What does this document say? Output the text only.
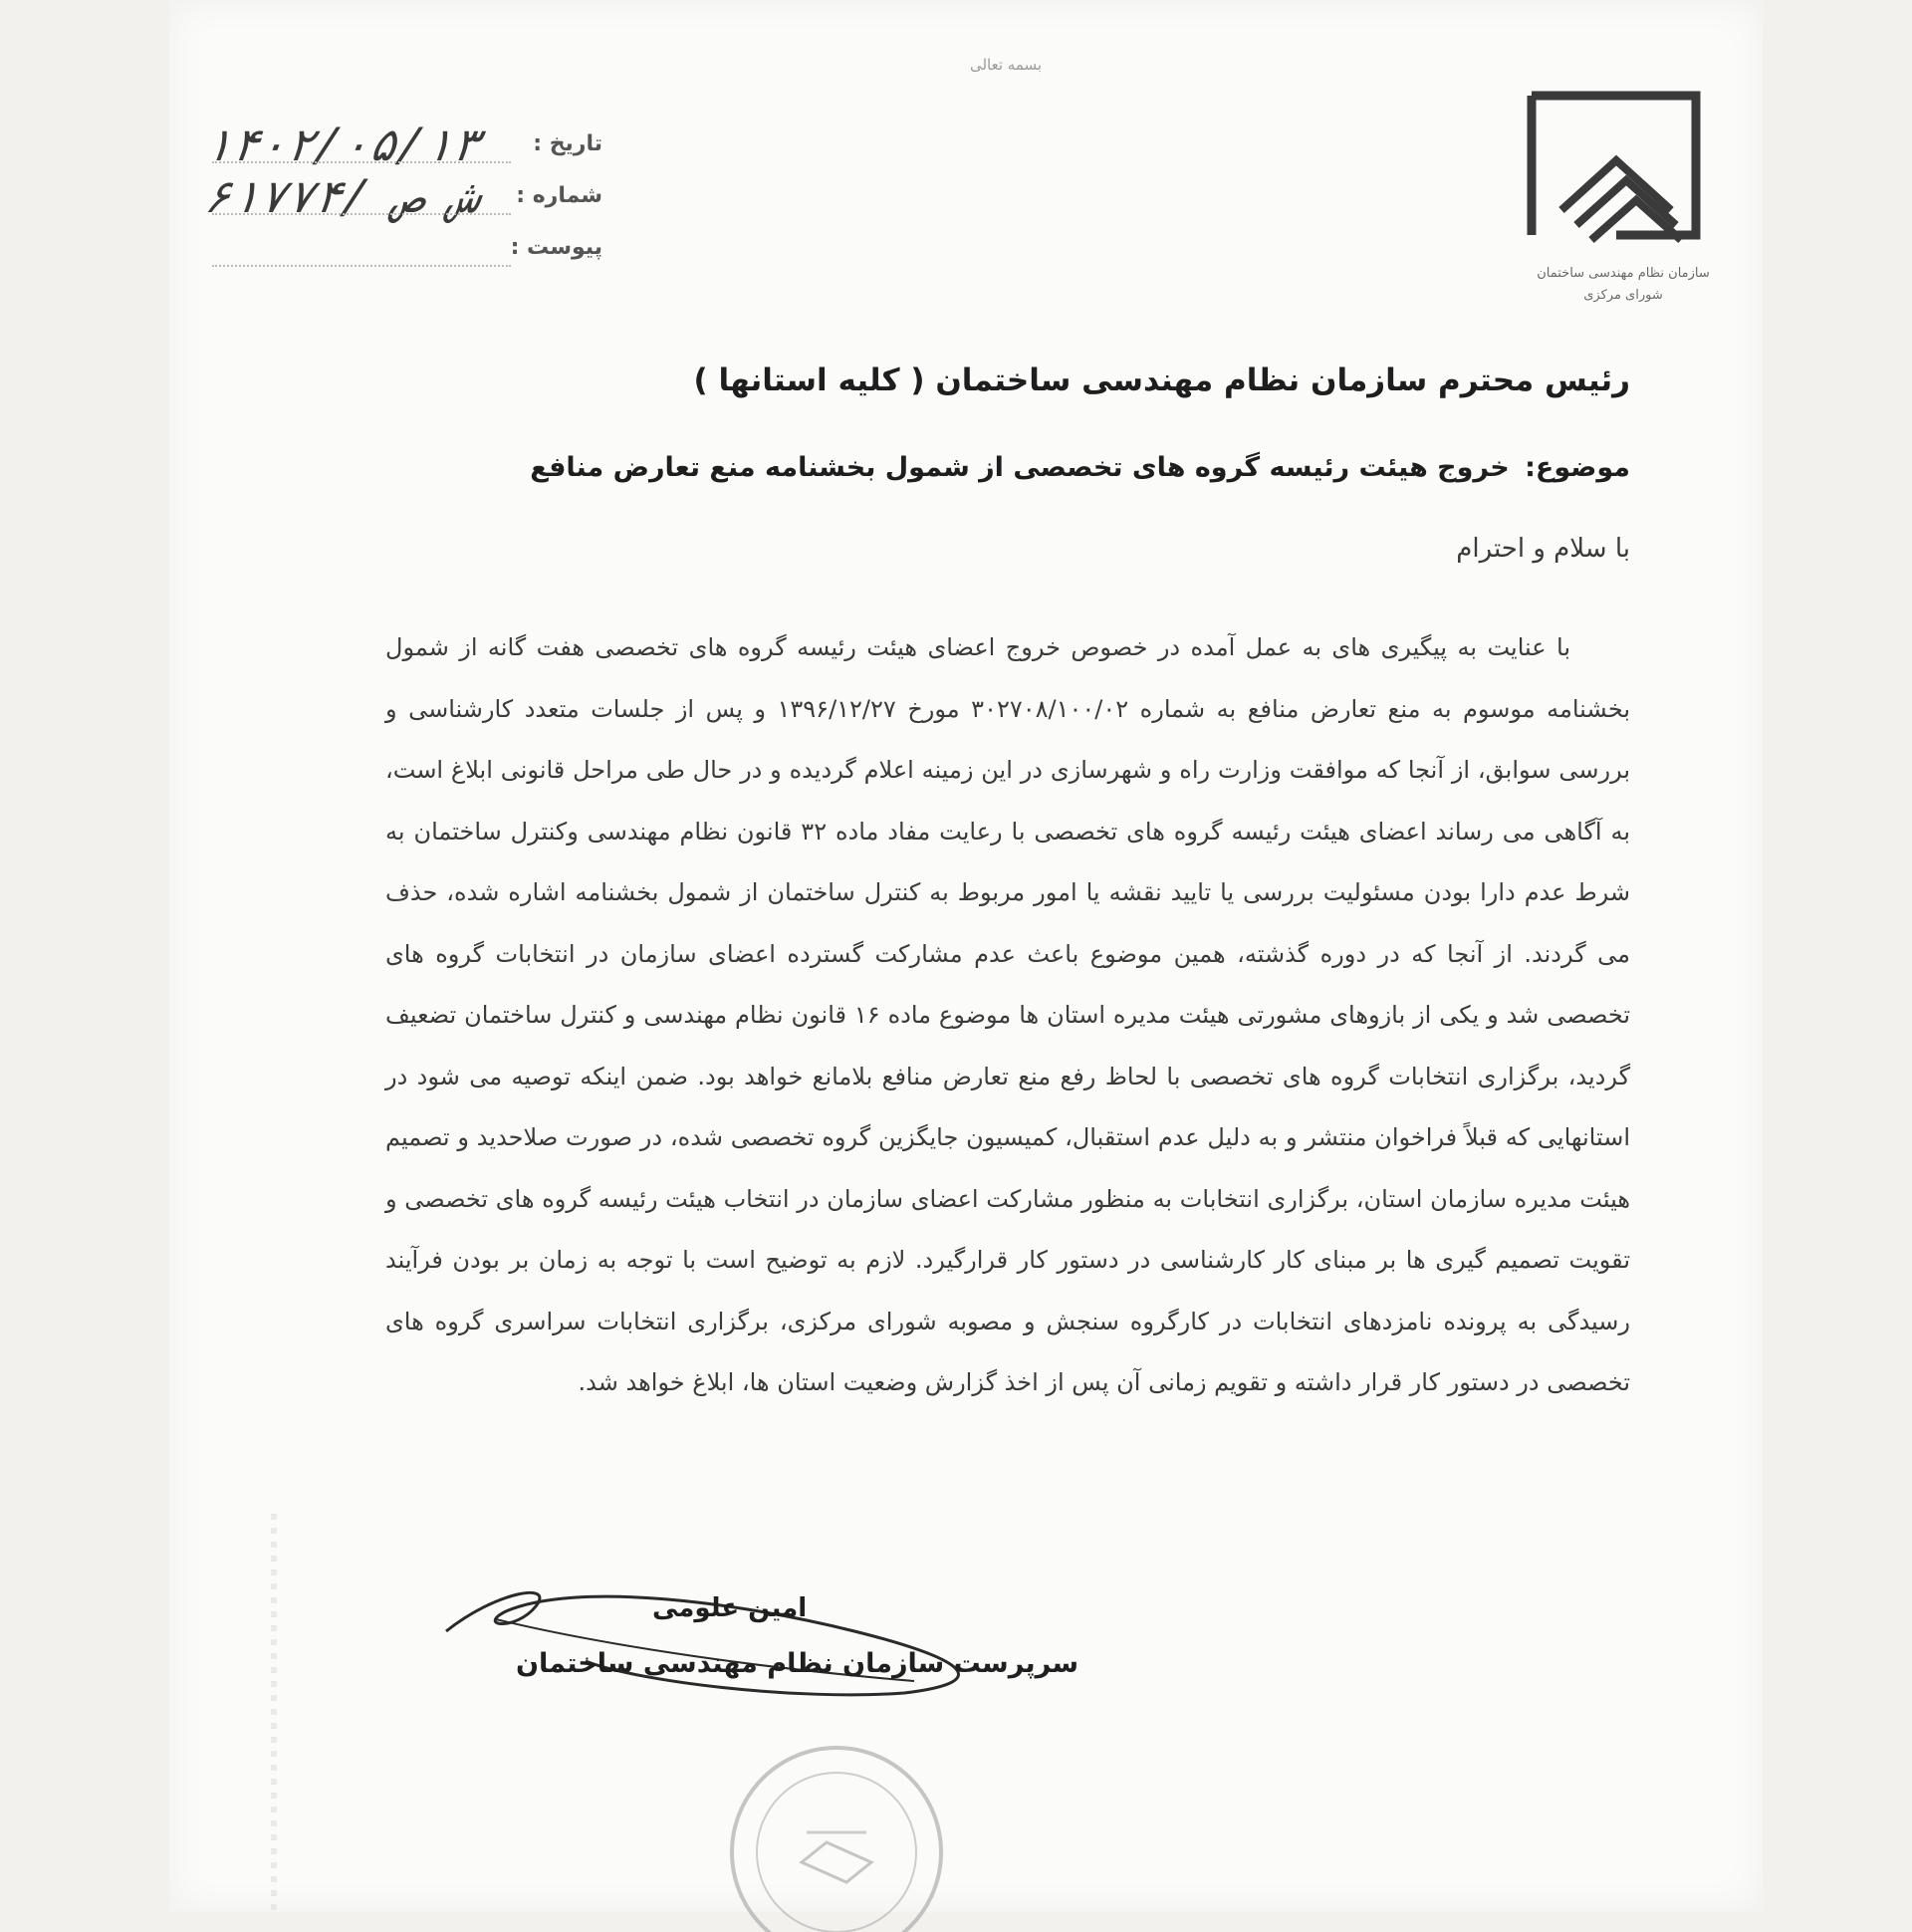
بسمه تعالی
تاریخ :
۱۴۰۲/۰۵/۱۳
شماره :
۶۱۷۷۴/ ش ص
پیوست :
سازمان نظام مهندسی ساختمان
شورای مرکزی
رئیس محترم سازمان نظام مهندسی ساختمان ( کلیه استانها )
موضوع: خروج هیئت رئیسه گروه های تخصصی از شمول بخشنامه منع تعارض منافع
با سلام و احترام
با عنایت به پیگیری های به عمل آمده در خصوص خروج اعضای هیئت رئیسه گروه های تخصصی هفت گانه از شمول بخشنامه موسوم به منع تعارض منافع به شماره ۳۰۲۷۰۸/۱۰۰/۰۲ مورخ ۱۳۹۶/۱۲/۲۷ و پس از جلسات متعدد کارشناسی و بررسی سوابق، از آنجا که موافقت وزارت راه و شهرسازی در این زمینه اعلام گردیده و در حال طی مراحل قانونی ابلاغ است، به آگاهی می رساند اعضای هیئت رئیسه گروه های تخصصی با رعایت مفاد ماده ۳۲ قانون نظام مهندسی وکنترل ساختمان به شرط عدم دارا بودن مسئولیت بررسی یا تایید نقشه یا امور مربوط به کنترل ساختمان از شمول بخشنامه اشاره شده، حذف می گردند. از آنجا که در دوره گذشته، همین موضوع باعث عدم مشارکت گسترده اعضای سازمان در انتخابات گروه های تخصصی شد و یکی از بازوهای مشورتی هیئت مدیره استان ها موضوع ماده ۱۶ قانون نظام مهندسی و کنترل ساختمان تضعیف گردید، برگزاری انتخابات گروه های تخصصی با لحاظ رفع منع تعارض منافع بلامانع خواهد بود. ضمن اینکه توصیه می شود در استانهایی که قبلاً فراخوان منتشر و به دلیل عدم استقبال، کمیسیون جایگزین گروه تخصصی شده، در صورت صلاحدید و تصمیم هیئت مدیره سازمان استان، برگزاری انتخابات به منظور مشارکت اعضای سازمان در انتخاب هیئت رئیسه گروه های تخصصی و تقویت تصمیم گیری ها بر مبنای کار کارشناسی در دستور کار قرارگیرد. لازم به توضیح است با توجه به زمان بر بودن فرآیند رسیدگی به پرونده نامزدهای انتخابات در کارگروه سنجش و مصوبه شورای مرکزی، برگزاری انتخابات سراسری گروه های تخصصی در دستور کار قرار داشته و تقویم زمانی آن پس از اخذ گزارش وضعیت استان ها، ابلاغ خواهد شد.
امین علومی
سرپرست سازمان نظام مهندسی ساختمان
